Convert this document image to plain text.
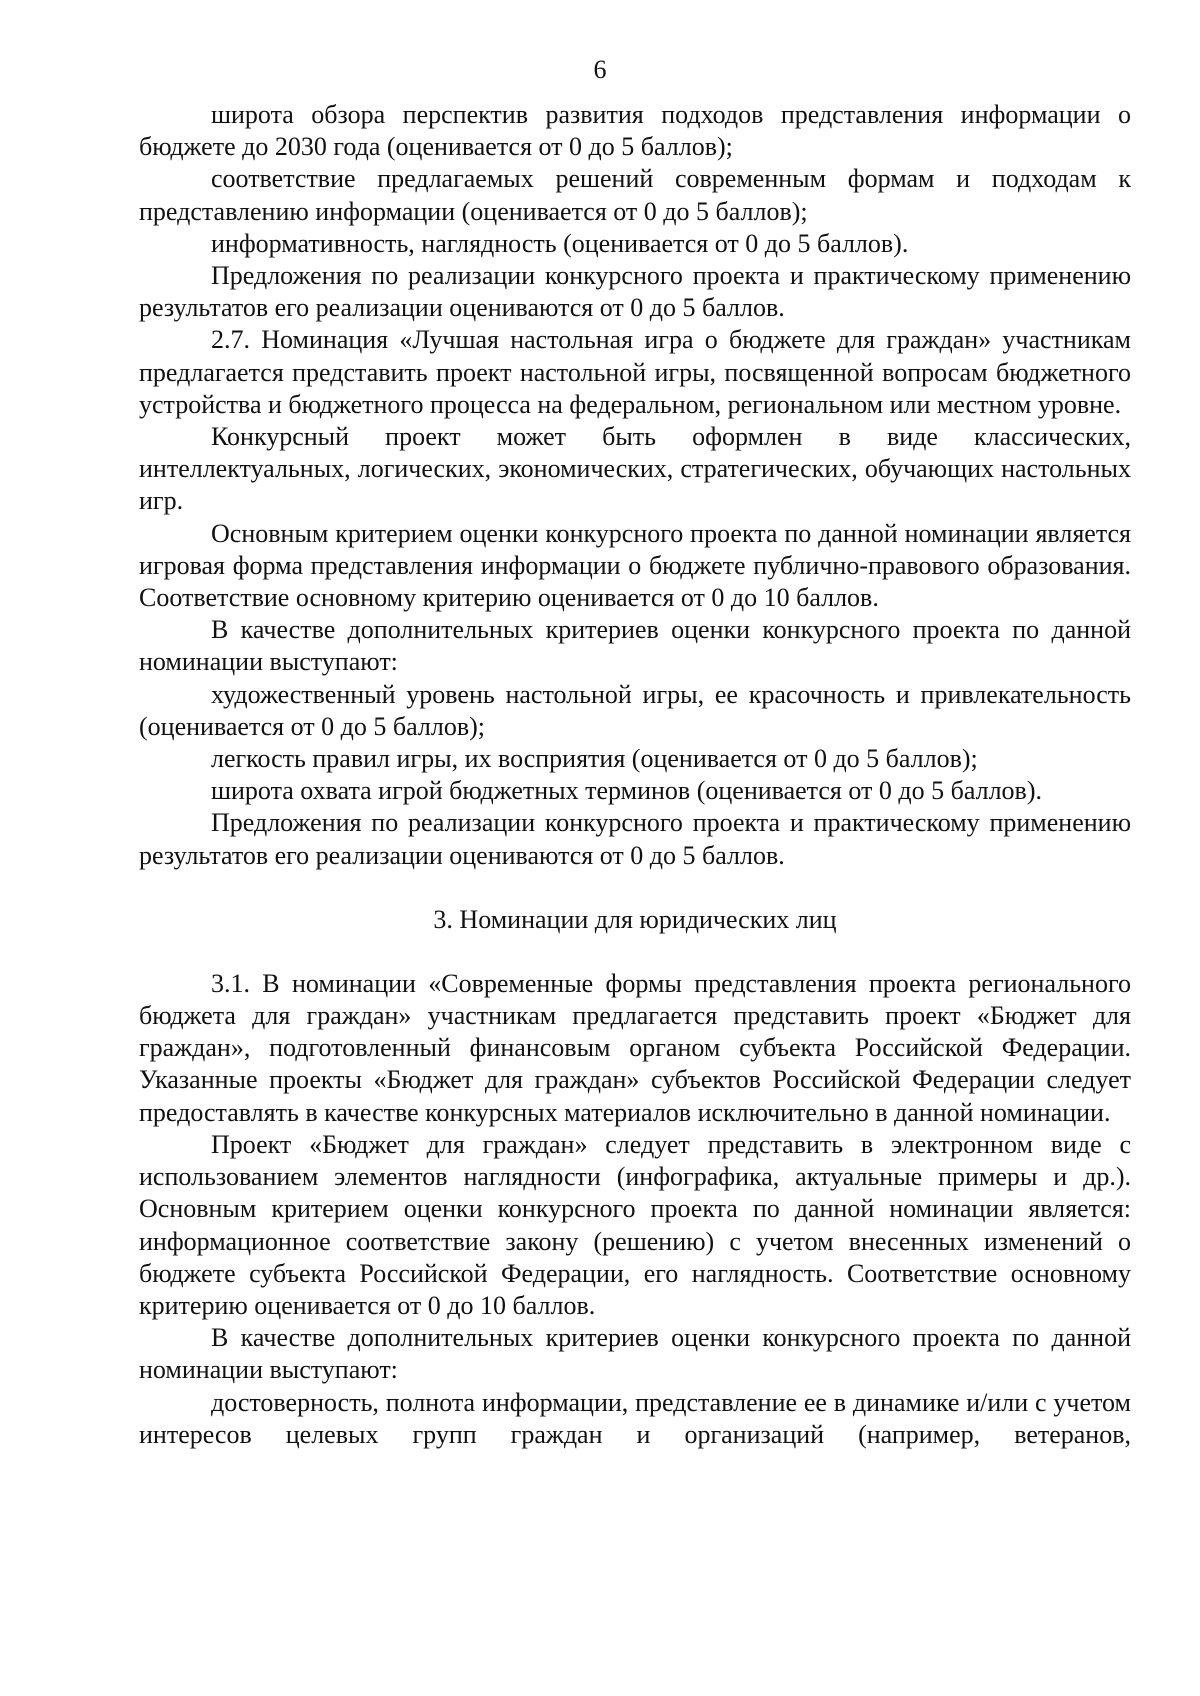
6

широта обзора перспектив развития подходов представления информации о бюджете до 2030 года (оценивается от 0 до 5 баллов);

соответствие предлагаемых решений современным формам и подходам к представлению информации (оценивается от 0 до 5 баллов);

информативность, наглядность (оценивается от 0 до 5 баллов).

Предложения по реализации конкурсного проекта и практическому применению результатов его реализации оцениваются от 0 до 5 баллов.

2.7. Номинация «Лучшая настольная игра о бюджете для граждан» участникам предлагается представить проект настольной игры, посвященной вопросам бюджетного устройства и бюджетного процесса на федеральном, региональном или местном уровне.

Конкурсный проект может быть оформлен в виде классических, интеллектуальных, логических, экономических, стратегических, обучающих настольных игр.

Основным критерием оценки конкурсного проекта по данной номинации является игровая форма представления информации о бюджете публично-правового образования. Соответствие основному критерию оценивается от 0 до 10 баллов.

В качестве дополнительных критериев оценки конкурсного проекта по данной номинации выступают:

художественный уровень настольной игры, ее красочность и привлекательность (оценивается от 0 до 5 баллов);

легкость правил игры, их восприятия (оценивается от 0 до 5 баллов);

широта охвата игрой бюджетных терминов (оценивается от 0 до 5 баллов).

Предложения по реализации конкурсного проекта и практическому применению результатов его реализации оцениваются от 0 до 5 баллов.

3. Номинации для юридических лиц

3.1. В номинации «Современные формы представления проекта регионального бюджета для граждан» участникам предлагается представить проект «Бюджет для граждан», подготовленный финансовым органом субъекта Российской Федерации. Указанные проекты «Бюджет для граждан» субъектов Российской Федерации следует предоставлять в качестве конкурсных материалов исключительно в данной номинации.

Проект «Бюджет для граждан» следует представить в электронном виде с использованием элементов наглядности (инфографика, актуальные примеры и др.). Основным критерием оценки конкурсного проекта по данной номинации является: информационное соответствие закону (решению) с учетом внесенных изменений о бюджете субъекта Российской Федерации, его наглядность. Соответствие основному критерию оценивается от 0 до 10 баллов.

В качестве дополнительных критериев оценки конкурсного проекта по данной номинации выступают:

достоверность, полнота информации, представление ее в динамике и/или с учетом интересов целевых групп граждан и организаций (например, ветеранов,
